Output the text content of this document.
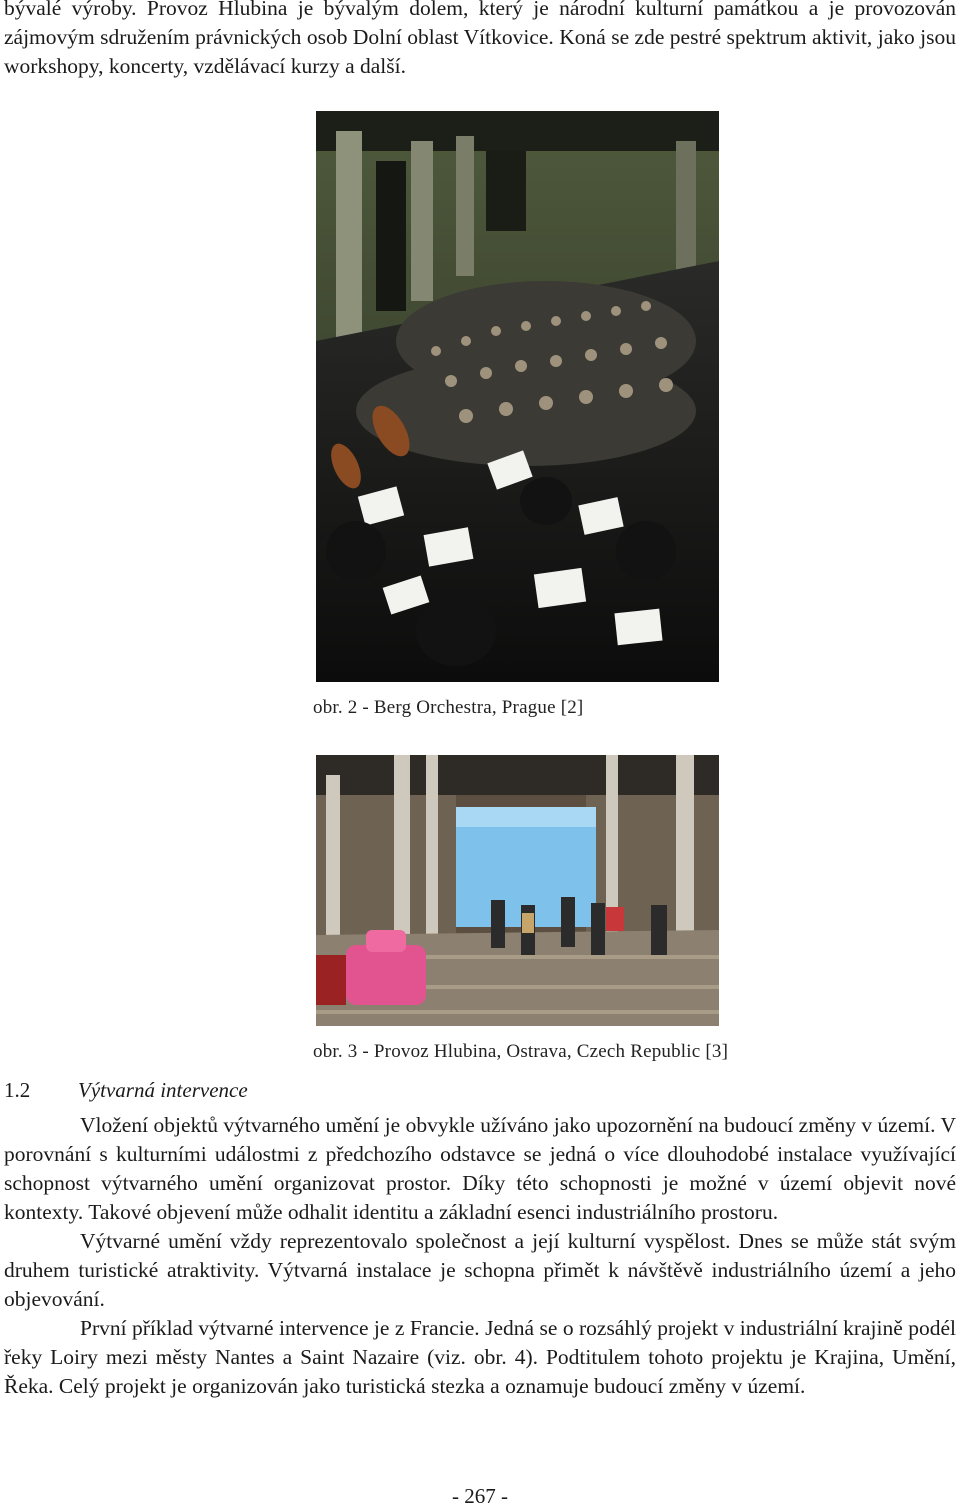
bývalé výroby. Provoz Hlubina je bývalým dolem, který je národní kulturní památkou a je provozován zájmovým sdružením právnických osob Dolní oblast Vítkovice. Koná se zde pestré spektrum aktivit, jako jsou workshopy, koncerty, vzdělávací kurzy a další.

obr. 2 - Berg Orchestra, Prague [2]
obr. 3 - Provoz Hlubina, Ostrava, Czech Republic [3]
1.2 Výtvarná intervence

Vložení objektů výtvarného umění je obvykle užíváno jako upozornění na budoucí změny v území. V porovnání s kulturními událostmi z předchozího odstavce se jedná o více dlouhodobé instalace využívající schopnost výtvarného umění organizovat prostor. Díky této schopnosti je možné v území objevit nové kontexty. Takové objevení může odhalit identitu a základní esenci industriálního prostoru.

Výtvarné umění vždy reprezentovalo společnost a její kulturní vyspělost. Dnes se může stát svým druhem turistické atraktivity. Výtvarná instalace je schopna přimět k návštěvě industriálního území a jeho objevování.

První příklad výtvarné intervence je z Francie. Jedná se o rozsáhlý projekt v industriální krajině podél řeky Loiry mezi městy Nantes a Saint Nazaire (viz. obr. 4). Podtitulem tohoto projektu je Krajina, Umění, Řeka. Celý projekt je organizován jako turistická stezka a oznamuje budoucí změny v území.

- 267 -
